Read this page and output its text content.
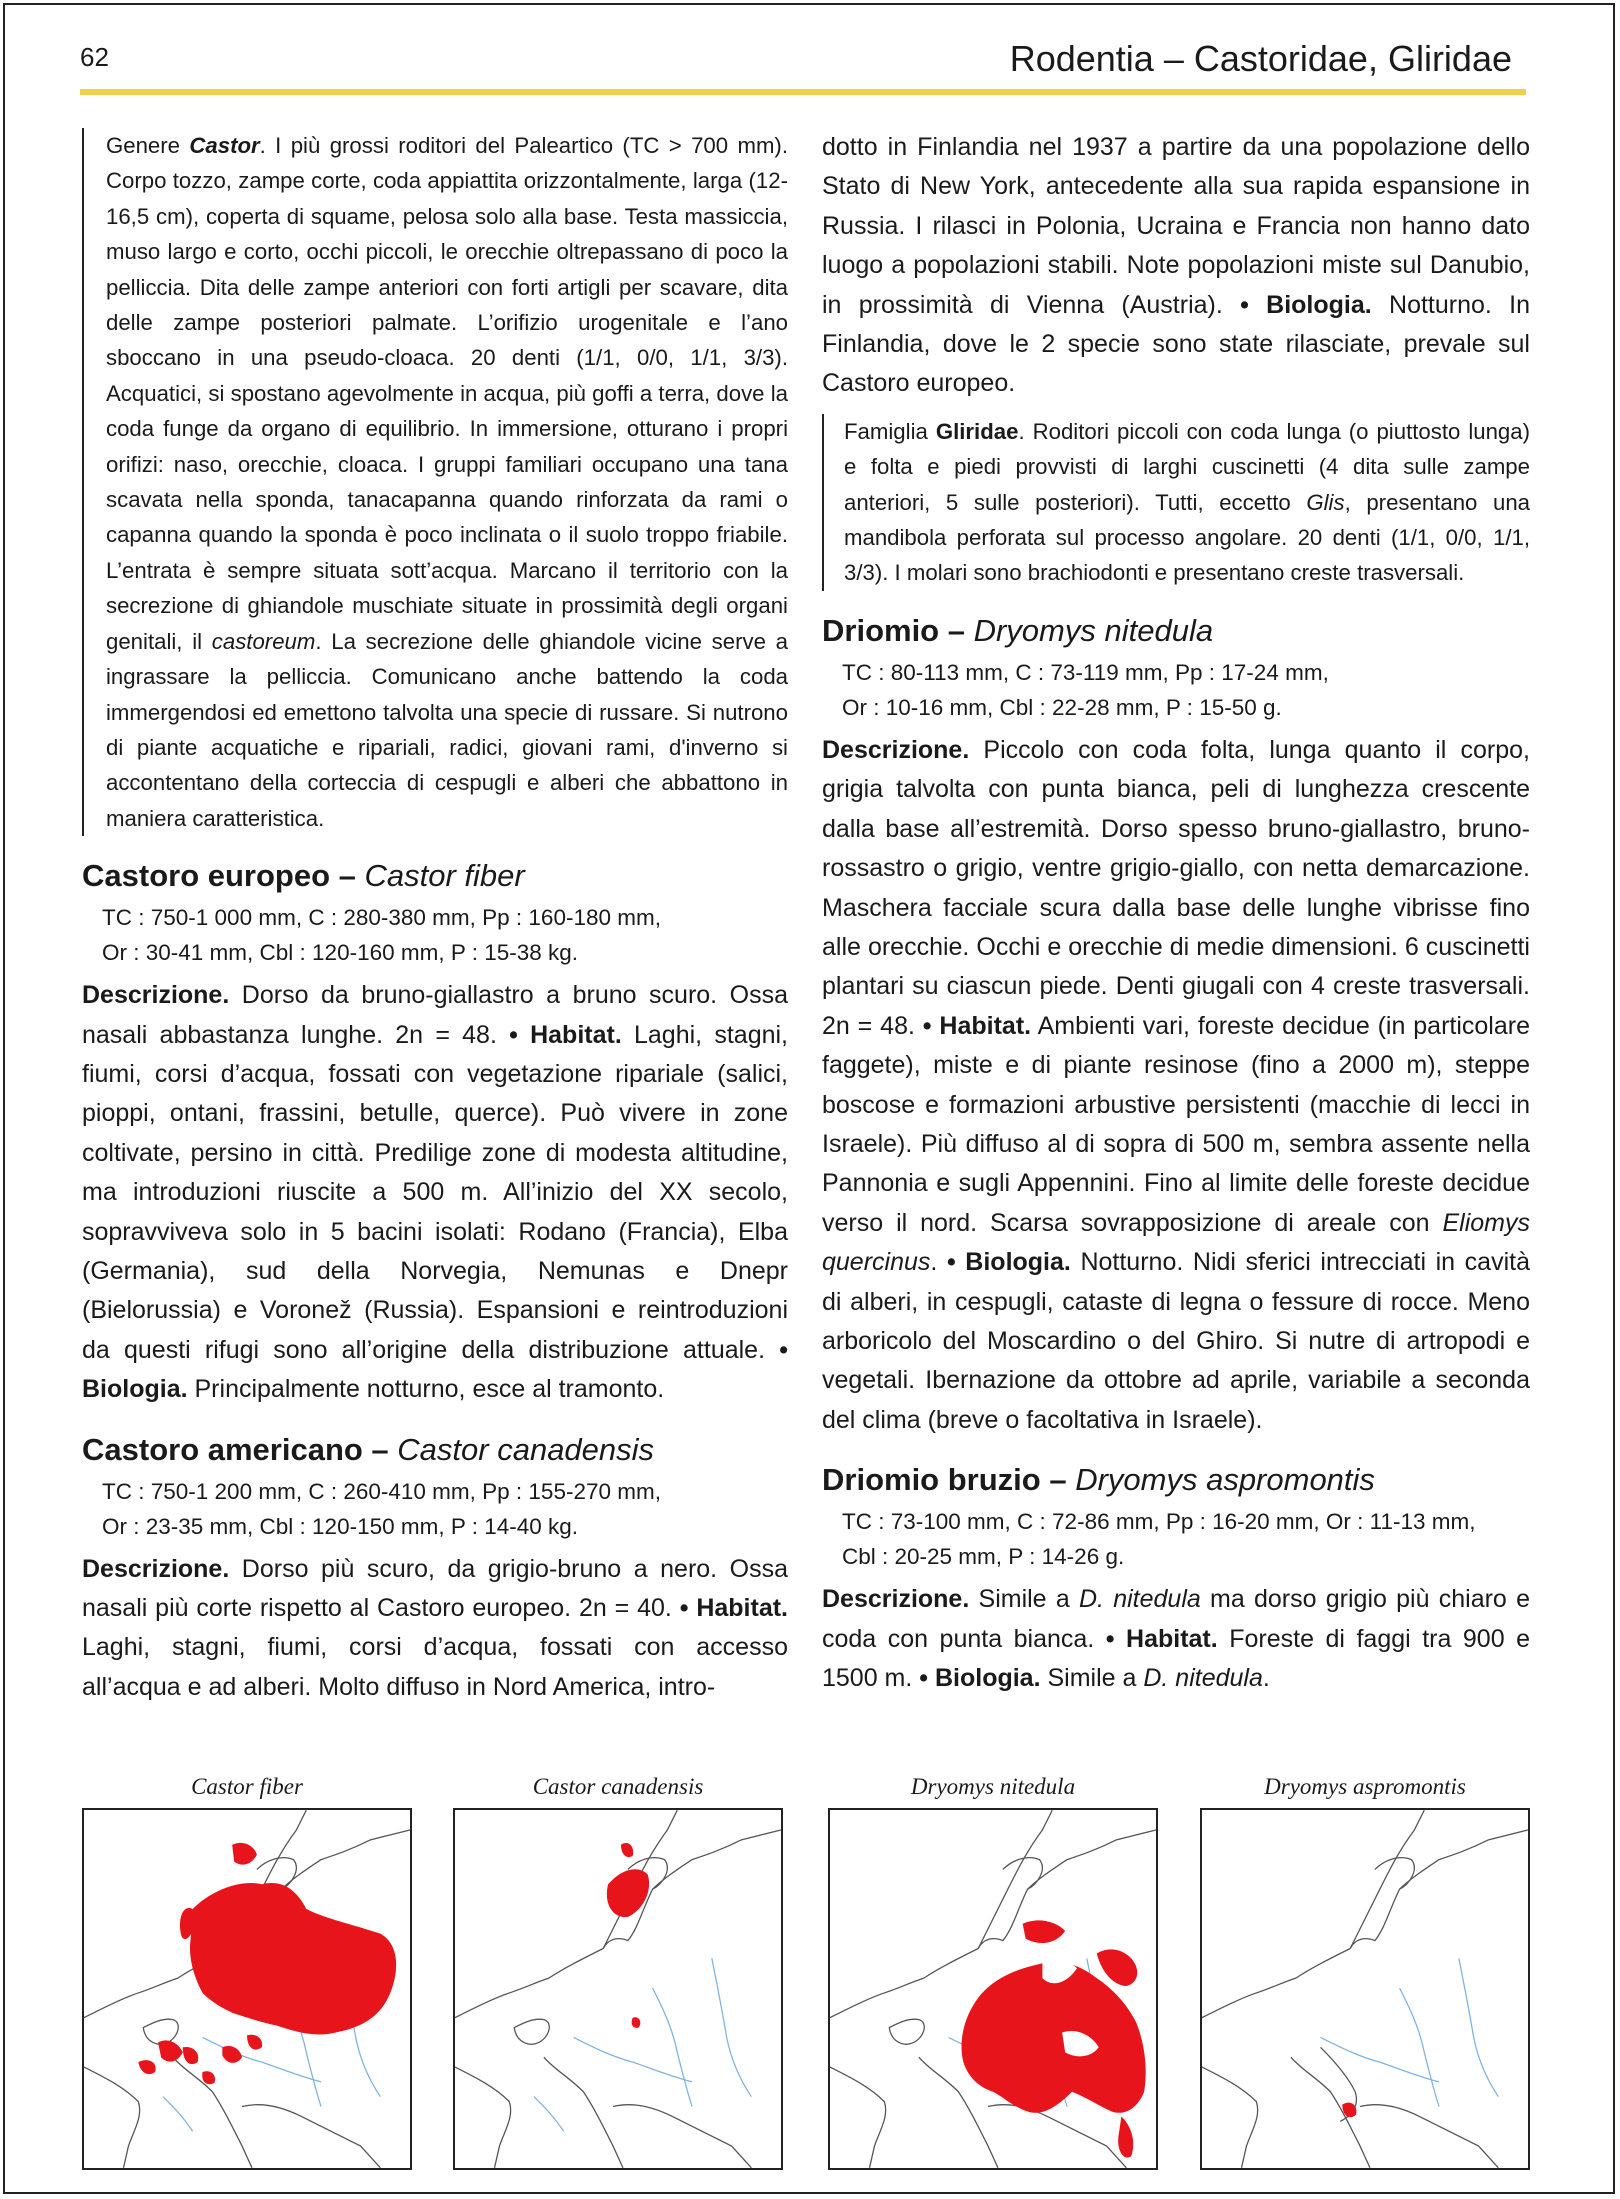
62	Rodentia – Castoridae, Gliridae

Genere Castor. I più grossi roditori del Paleartico (TC > 700 mm). Corpo tozzo, zampe corte, coda appiattita orizzontalmente, larga (12-16,5 cm), coperta di squame, pelosa solo alla base. Testa massiccia, muso largo e corto, occhi piccoli, le orecchie oltrepassano di poco la pelliccia. Dita delle zampe anteriori con forti artigli per scavare, dita delle zampe posteriori palmate. L’orifizio urogenitale e l’ano sboccano in una pseudo-cloaca. 20 denti (1/1, 0/0, 1/1, 3/3). Acquatici, si spostano agevolmente in acqua, più goffi a terra, dove la coda funge da organo di equilibrio. In immersione, otturano i propri orifizi: naso, orecchie, cloaca. I gruppi familiari occupano una tana scavata nella sponda, tanacapanna quando rinforzata da rami o capanna quando la sponda è poco inclinata o il suolo troppo friabile. L’entrata è sempre situata sott’acqua. Marcano il territorio con la secrezione di ghiandole muschiate situate in prossimità degli organi genitali, il castoreum. La secrezione delle ghiandole vicine serve a ingrassare la pelliccia. Comunicano anche battendo la coda immergendosi ed emettono talvolta una specie di russare. Si nutrono di piante acquatiche e ripariali, radici, giovani rami, d'inverno si accontentano della corteccia di cespugli e alberi che abbattono in maniera caratteristica.

Castoro europeo – Castor fiber
TC : 750-1 000 mm, C : 280-380 mm, Pp : 160-180 mm,
Or : 30-41 mm, Cbl : 120-160 mm, P : 15-38 kg.

Descrizione. Dorso da bruno-giallastro a bruno scuro. Ossa nasali abbastanza lunghe. 2n = 48. • Habitat. Laghi, stagni, fiumi, corsi d’acqua, fossati con vegetazione ripariale (salici, pioppi, ontani, frassini, betulle, querce). Può vivere in zone coltivate, persino in città. Predilige zone di modesta altitudine, ma introduzioni riuscite a 500 m. All’inizio del XX secolo, sopravviveva solo in 5 bacini isolati: Rodano (Francia), Elba (Germania), sud della Norvegia, Nemunas e Dnepr (Bielorussia) e Voronež (Russia). Espansioni e reintroduzioni da questi rifugi sono all’origine della distribuzione attuale. • Biologia. Principalmente notturno, esce al tramonto.

Castoro americano – Castor canadensis
TC : 750-1 200 mm, C : 260-410 mm, Pp : 155-270 mm,
Or : 23-35 mm, Cbl : 120-150 mm, P : 14-40 kg.

Descrizione. Dorso più scuro, da grigio-bruno a nero. Ossa nasali più corte rispetto al Castoro europeo. 2n = 40. • Habitat. Laghi, stagni, fiumi, corsi d’acqua, fossati con accesso all’acqua e ad alberi. Molto diffuso in Nord America, intro-

dotto in Finlandia nel 1937 a partire da una popolazione dello Stato di New York, antecedente alla sua rapida espansione in Russia. I rilasci in Polonia, Ucraina e Francia non hanno dato luogo a popolazioni stabili. Note popolazioni miste sul Danubio, in prossimità di Vienna (Austria). • Biologia. Notturno. In Finlandia, dove le 2 specie sono state rilasciate, prevale sul Castoro europeo.

Famiglia Gliridae. Roditori piccoli con coda lunga (o piuttosto lunga) e folta e piedi provvisti di larghi cuscinetti (4 dita sulle zampe anteriori, 5 sulle posteriori). Tutti, eccetto Glis, presentano una mandibola perforata sul processo angolare. 20 denti (1/1, 0/0, 1/1, 3/3). I molari sono brachiodonti e presentano creste trasversali.

Driomio – Dryomys nitedula
TC : 80-113 mm, C : 73-119 mm, Pp : 17-24 mm,
Or : 10-16 mm, Cbl : 22-28 mm, P : 15-50 g.

Descrizione. Piccolo con coda folta, lunga quanto il corpo, grigia talvolta con punta bianca, peli di lunghezza crescente dalla base all’estremità. Dorso spesso bruno-giallastro, bruno-rossastro o grigio, ventre grigio-giallo, con netta demarcazione. Maschera facciale scura dalla base delle lunghe vibrisse fino alle orecchie. Occhi e orecchie di medie dimensioni. 6 cuscinetti plantari su ciascun piede. Denti giugali con 4 creste trasversali. 2n = 48. • Habitat. Ambienti vari, foreste decidue (in particolare faggete), miste e di piante resinose (fino a 2000 m), steppe boscose e formazioni arbustive persistenti (macchie di lecci in Israele). Più diffuso al di sopra di 500 m, sembra assente nella Pannonia e sugli Appennini. Fino al limite delle foreste decidue verso il nord. Scarsa sovrapposizione di areale con Eliomys quercinus. • Biologia. Notturno. Nidi sferici intrecciati in cavità di alberi, in cespugli, cataste di legna o fessure di rocce. Meno arboricolo del Moscardino o del Ghiro. Si nutre di artropodi e vegetali. Ibernazione da ottobre ad aprile, variabile a seconda del clima (breve o facoltativa in Israele).

Driomio bruzio – Dryomys aspromontis
TC : 73-100 mm, C : 72-86 mm, Pp : 16-20 mm, Or : 11-13 mm,
Cbl : 20-25 mm, P : 14-26 g.

Descrizione. Simile a D. nitedula ma dorso grigio più chiaro e coda con punta bianca. • Habitat. Foreste di faggi tra 900 e 1500 m. • Biologia. Simile a D. nitedula.

Castor fiber	Castor canadensis	Dryomys nitedula	Dryomys aspromontis
